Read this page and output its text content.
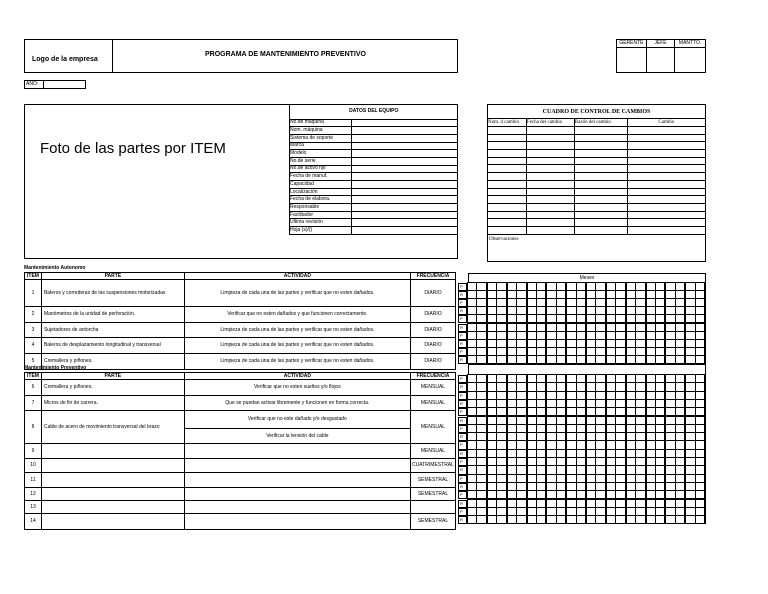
Logo de la empresa
PROGRAMA DE MANTENIMIENTO PREVENTIVO
GERENTE	JEFE	MANTTO.

AÑO:
Foto de las partes por ITEM
DATOS DEL EQUIPO	
No.de máquina	
Nom. máquina	
Sistema de soporte	
Marca	
Modelo	
No.de serie	
No.de activo fijo	
Fecha de manuf.	
Capacidad	
Localización	
Fecha de elabora.	
Responsable	
Facilitador	
Ultima revisión	
Hoja (s)/()	
CUADRO DE CONTROL DE CAMBIOS			
Num. d cambio	Fecha del cambio	Razón del cambio	Cambio

Observaciones			
Mantenimiento Autonomo
ITEM	PARTE	ACTIVIDAD	FRECUENCIA
1	Baleros y correderas de las suspensiones motorizadas	Limpieza de cada una de las partes y verificar que no esten dañados.	DIARIO
2	Manómetros de la unidad de perforación.	Verificar que no esten dañados y que funcionen correctamente.	DIARIO
3	Sujetadores de antorcha	Limpieza de cada una de las partes y verificar que no esten dañados.	DIARIO
4	Baleros de desplazamiento longitudinal y transversal	Limpieza de cada una de las partes y verificar que no esten dañados.	DIARIO
5	Cremallera y piñones.	Limpieza de cada una de las partes y verificar que no esten dañados.	DIARIO
Mantenimiento Preventivo
ITEM	PARTE	ACTIVIDAD	FRECUENCIA
6	Cremallera y piñones.	Verificar que no esten sueltos y/o flojos	MENSUAL
7	Micros de fin de carrera.	Que se puedan activar libremente y funcionen en forma correcta.	MENSUAL
8	Cable de acero de movimiento transversal del brazo	Verificar que no este dañado y/o desgastado
Verificar la tensión del cable	MENSUAL
9			MENSUAL
10			CUATRIMESTRAL
11			SEMESTRAL
12			SEMESTRAL
13			
14			SEMESTRAL
P
R
P
R
P
R
P
R
P
R
P
R
P
R
P
R
P
R
P
R
P
R
P
R
P
R
P
R
Meses
